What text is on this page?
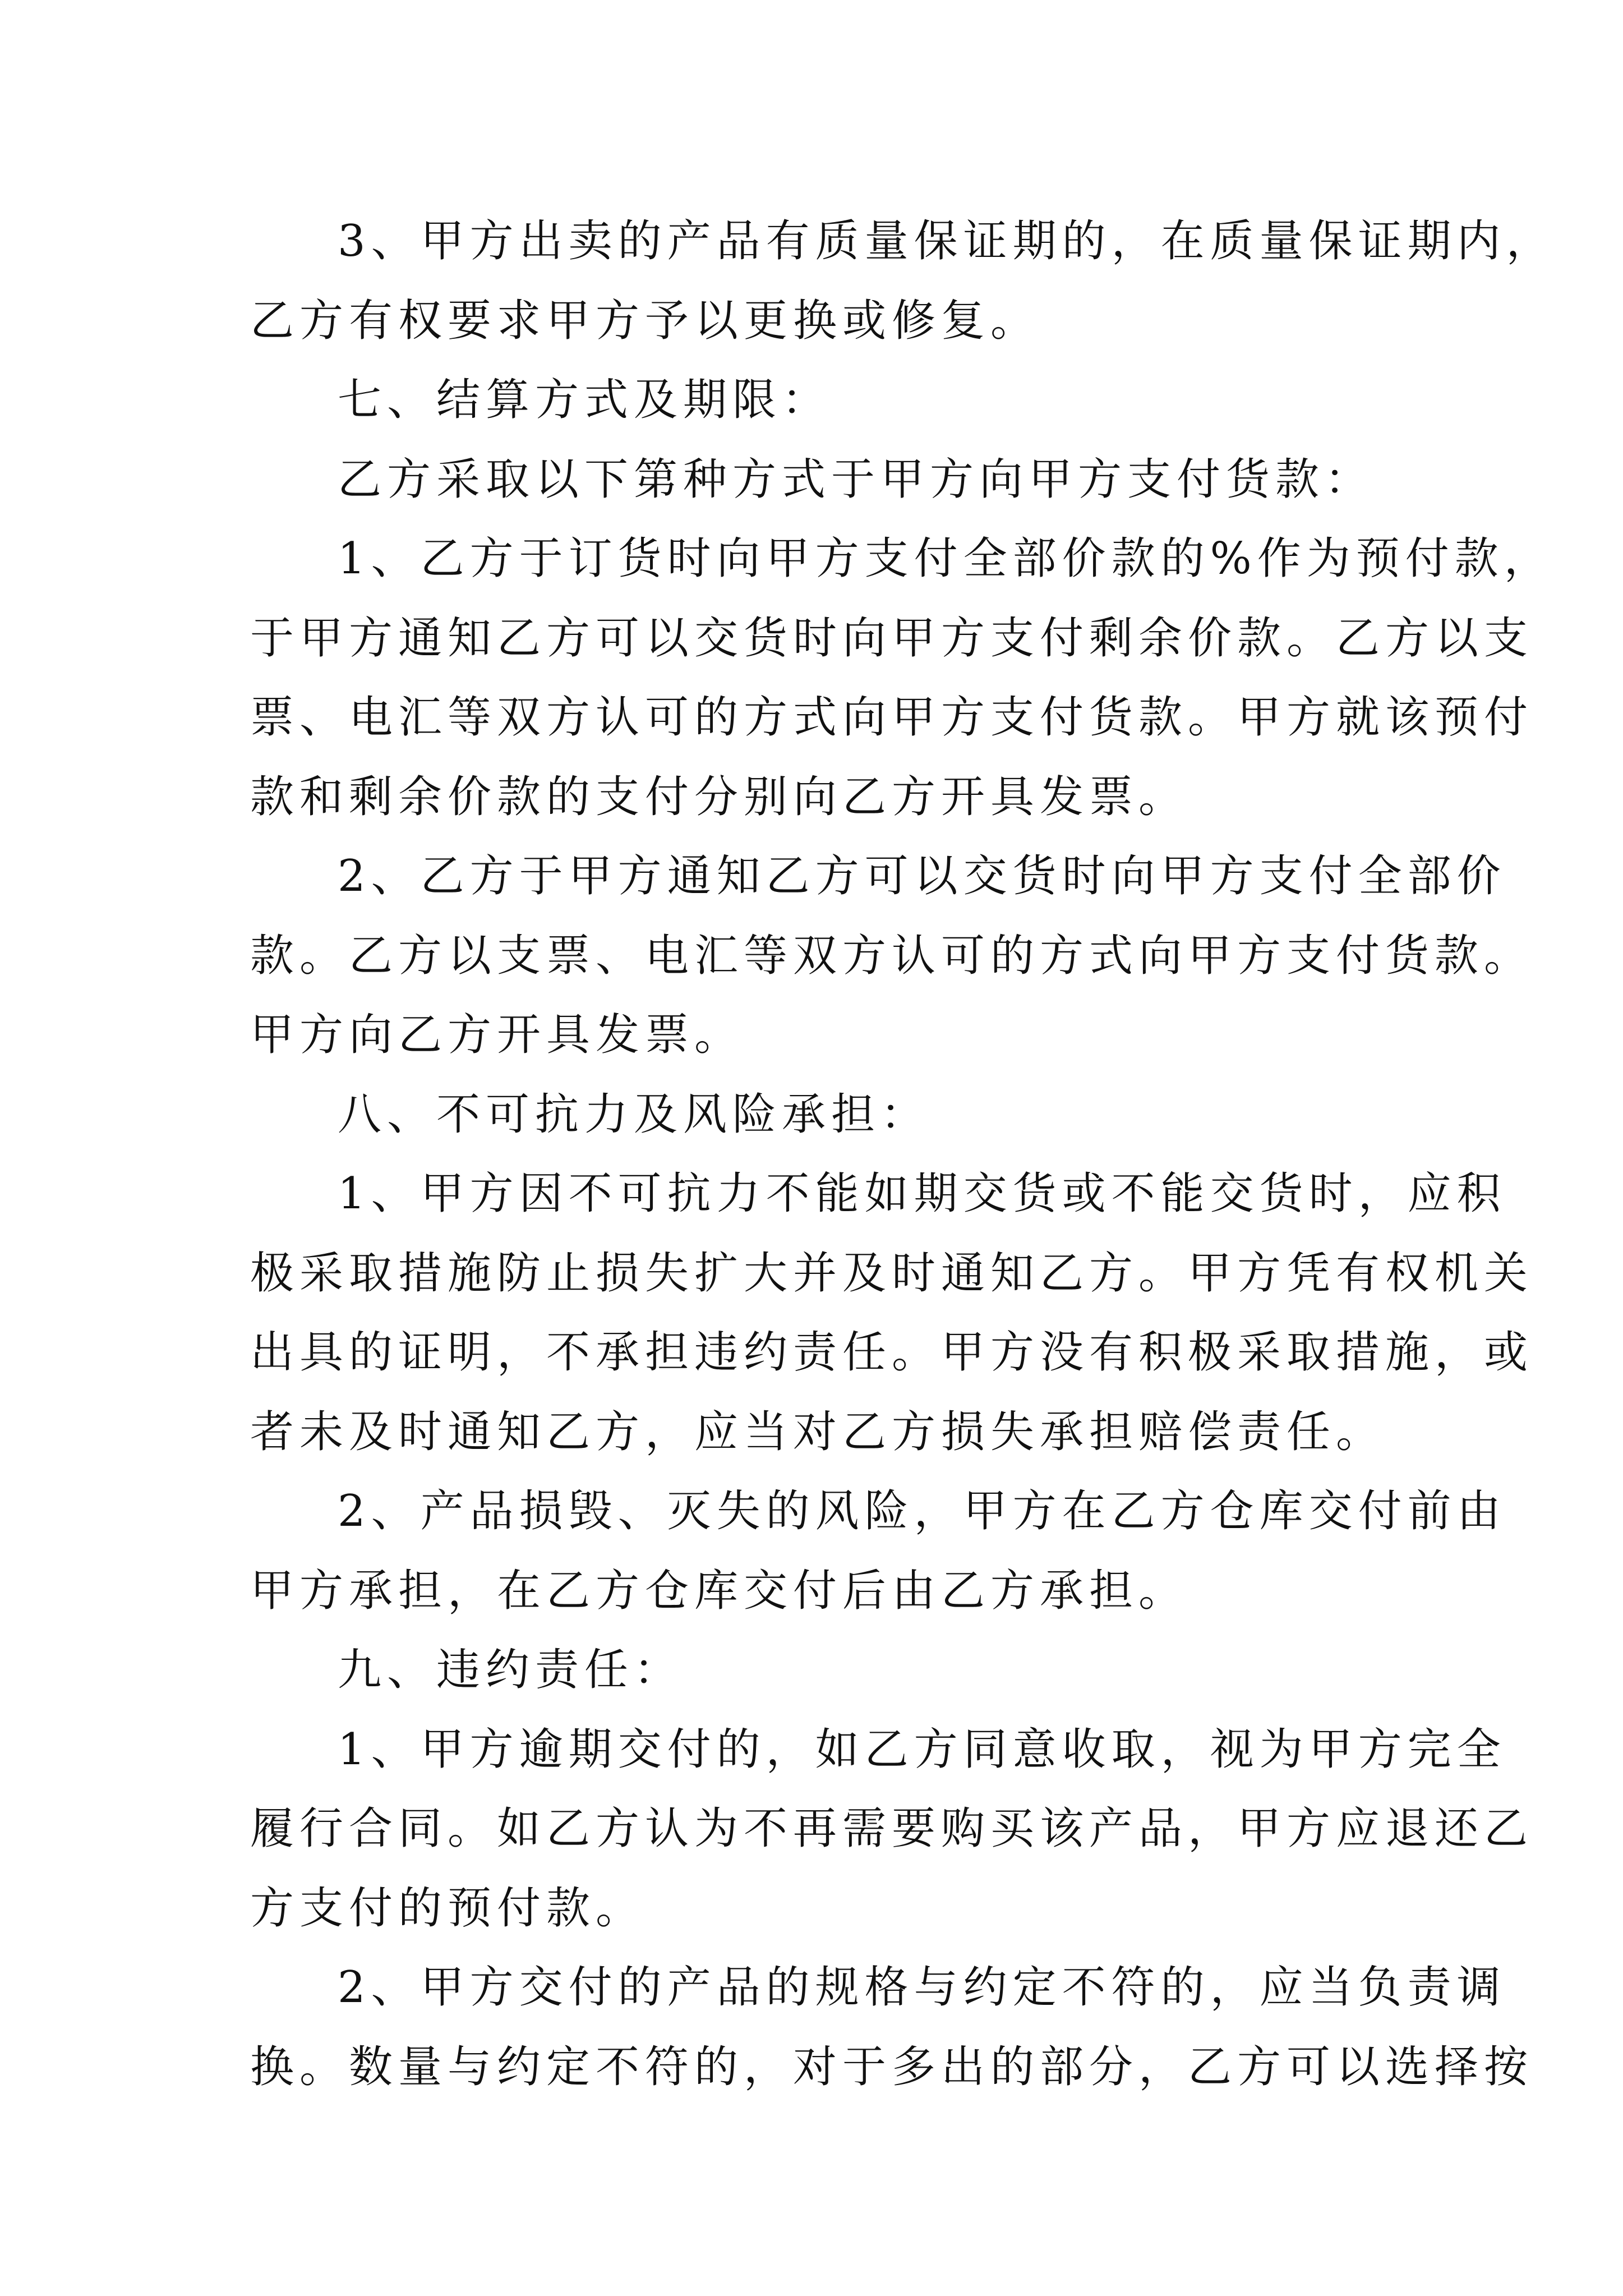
3、甲方出卖的产品有质量保证期的，在质量保证期内，
乙方有权要求甲方予以更换或修复。
七、结算方式及期限：
乙方采取以下第种方式于甲方向甲方支付货款：
1、乙方于订货时向甲方支付全部价款的%作为预付款，
于甲方通知乙方可以交货时向甲方支付剩余价款。乙方以支
票、电汇等双方认可的方式向甲方支付货款。甲方就该预付
款和剩余价款的支付分别向乙方开具发票。
2、乙方于甲方通知乙方可以交货时向甲方支付全部价
款。乙方以支票、电汇等双方认可的方式向甲方支付货款。
甲方向乙方开具发票。
八、不可抗力及风险承担：
1、甲方因不可抗力不能如期交货或不能交货时，应积
极采取措施防止损失扩大并及时通知乙方。甲方凭有权机关
出具的证明，不承担违约责任。甲方没有积极采取措施，或
者未及时通知乙方，应当对乙方损失承担赔偿责任。
2、产品损毁、灭失的风险，甲方在乙方仓库交付前由
甲方承担，在乙方仓库交付后由乙方承担。
九、违约责任：
1、甲方逾期交付的，如乙方同意收取，视为甲方完全
履行合同。如乙方认为不再需要购买该产品，甲方应退还乙
方支付的预付款。
2、甲方交付的产品的规格与约定不符的，应当负责调
换。数量与约定不符的，对于多出的部分，乙方可以选择按
